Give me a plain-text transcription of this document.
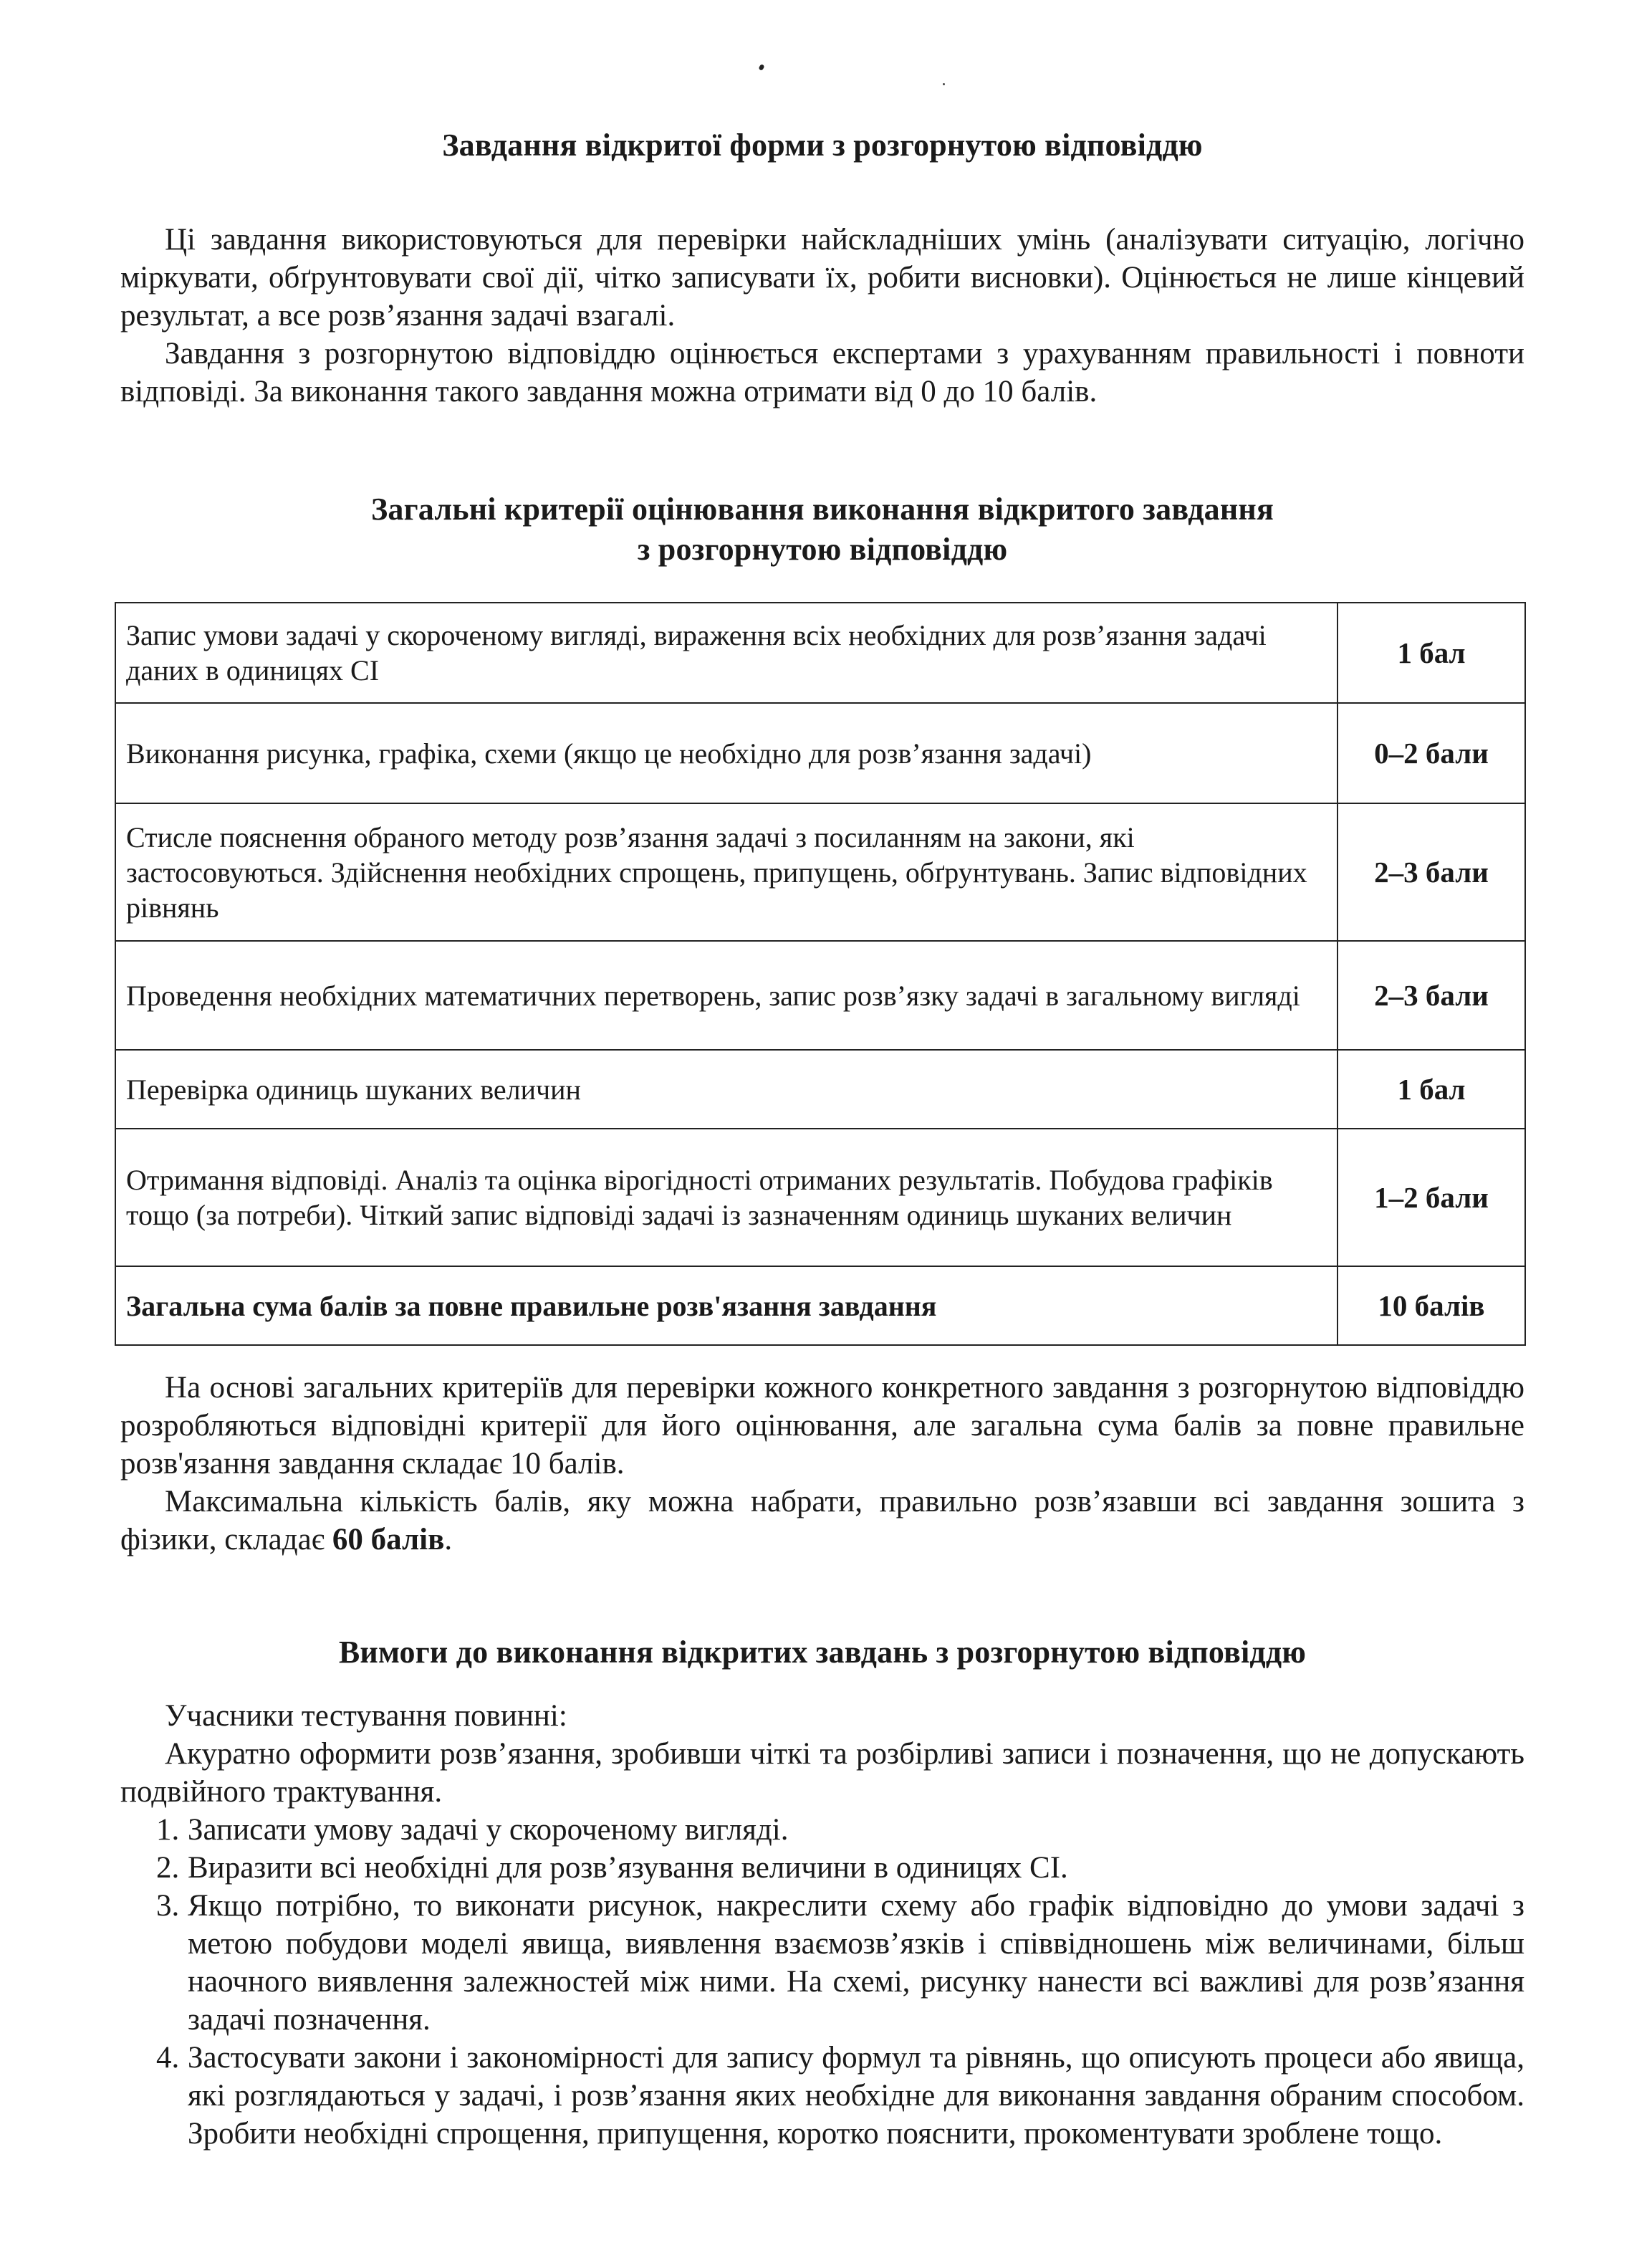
Завдання відкритої форми з розгорнутою відповіддю

Ці завдання використовуються для перевірки найскладніших умінь (аналізувати ситуацію, логічно міркувати, обґрунтовувати свої дії, чітко записувати їх, робити висновки). Оцінюється не лише кінцевий результат, а все розв’язання задачі взагалі.

Завдання з розгорнутою відповіддю оцінюється експертами з урахуванням правильності і повноти відповіді. За виконання такого завдання можна отримати від 0 до 10 балів.

Загальні критерії оцінювання виконання відкритого завдання
з розгорнутою відповіддю
Запис умови задачі у скороченому вигляді, вираження всіх необхідних для розв’язання задачі даних в одиницях СІ	1 бал
Виконання рисунка, графіка, схеми (якщо це необхідно для розв’язання задачі)	0–2 бали
Стисле пояснення обраного методу розв’язання задачі з посиланням на закони, які застосовуються. Здійснення необхідних спрощень, припущень, обґрунтувань. Запис відповідних рівнянь	2–3 бали
Проведення необхідних математичних перетворень, запис розв’язку задачі в загальному вигляді	2–3 бали
Перевірка одиниць шуканих величин	1 бал
Отримання відповіді. Аналіз та оцінка вірогідності отриманих результатів. Побудова графіків тощо (за потреби). Чіткий запис відповіді задачі із зазначенням одиниць шуканих величин	1–2 бали
Загальна сума балів за повне правильне розв'язання завдання	10 балів

На основі загальних критеріїв для перевірки кожного конкретного завдання з розгорнутою відповіддю розробляються відповідні критерії для його оцінювання, але загальна сума балів за повне правильне розв'язання завдання складає 10 балів.

Максимальна кількість балів, яку можна набрати, правильно розв’язавши всі завдання зошита з фізики, складає 60 балів.

Вимоги до виконання відкритих завдань з розгорнутою відповіддю

Учасники тестування повинні:

Акуратно оформити розв’язання, зробивши чіткі та розбірливі записи і позначення, що не допускають подвійного трактування.

1. Записати умову задачі у скороченому вигляді.
2. Виразити всі необхідні для розв’язування величини в одиницях СІ.
3. Якщо потрібно, то виконати рисунок, накреслити схему або графік відповідно до умови задачі з метою побудови моделі явища, виявлення взаємозв’язків і співвідношень між величинами, більш наочного виявлення залежностей між ними. На схемі, рисунку нанести всі важливі для розв’язання задачі позначення.
4. Застосувати закони і закономірності для запису формул та рівнянь, що описують процеси або явища, які розглядаються у задачі, і розв’язання яких необхідне для виконання завдання обраним способом. Зробити необхідні спрощення, припущення, коротко пояснити, прокоментувати зроблене тощо.
